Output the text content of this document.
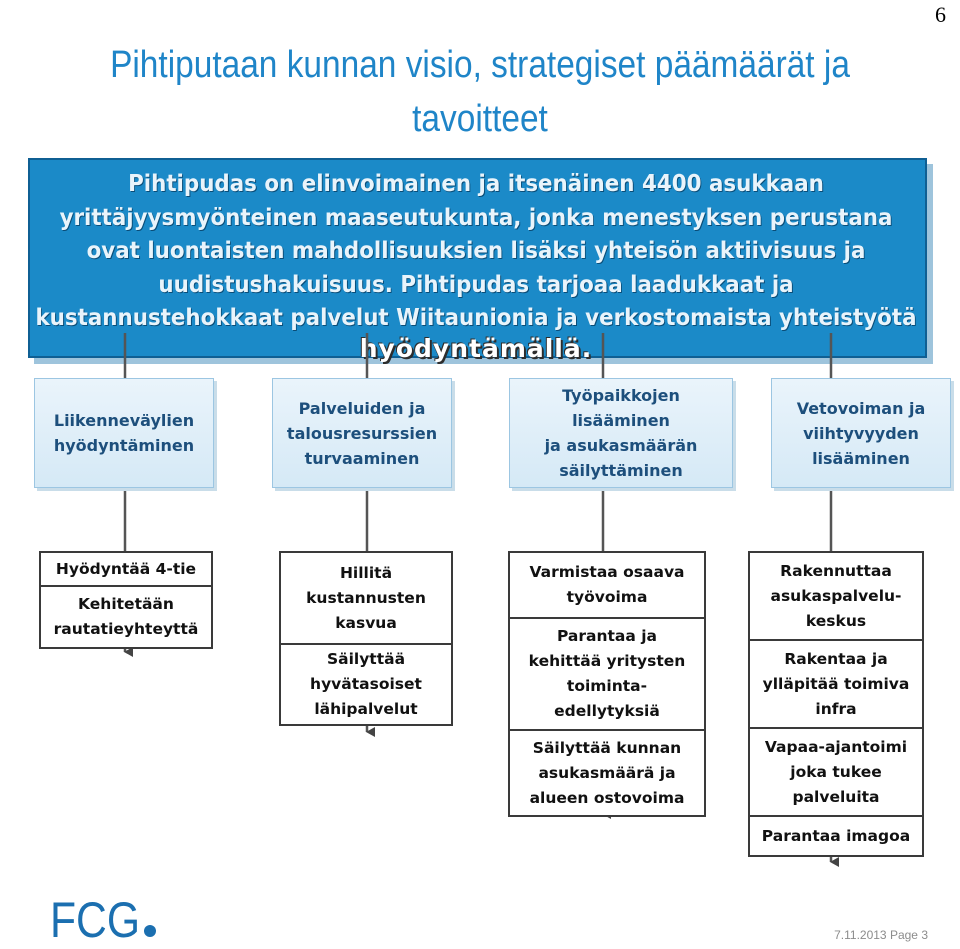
6
Pihtiputaan kunnan visio, strategiset päämäärät ja tavoitteet
Pihtipudas on elinvoimainen ja itsenäinen 4400 asukkaan
yrittäjyysmyönteinen maaseutukunta, jonka menestyksen perustana
ovat luontaisten mahdollisuuksien lisäksi yhteisön aktiivisuus ja
uudistushakuisuus. Pihtipudas tarjoaa laadukkaat ja
kustannustehokkaat palvelut Wiitaunionia ja verkostomaista yhteistyötä
hyödyntämällä.
Liikenneväylien
hyödyntäminen
Palveluiden ja
talousresurssien
turvaaminen
Työpaikkojen
lisääminen
ja asukasmäärän
säilyttäminen
Vetovoiman ja
viihtyvyyden
lisääminen
Hyödyntää 4-tie
Kehitetään
rautatieyhteyttä
Hillitä
kustannusten
kasvua
Säilyttää
hyvätasoiset
lähipalvelut
Varmistaa osaava
työvoima
Parantaa ja
kehittää yritysten
toiminta-
edellytyksiä
Säilyttää kunnan
asukasmäärä ja
alueen ostovoima
Rakennuttaa
asukaspalvelu-
keskus
Rakentaa ja
ylläpitää toimiva
infra
Vapaa-ajantoimi
joka tukee
palveluita
Parantaa imagoa
FCG	7.11.2013 Page 3
